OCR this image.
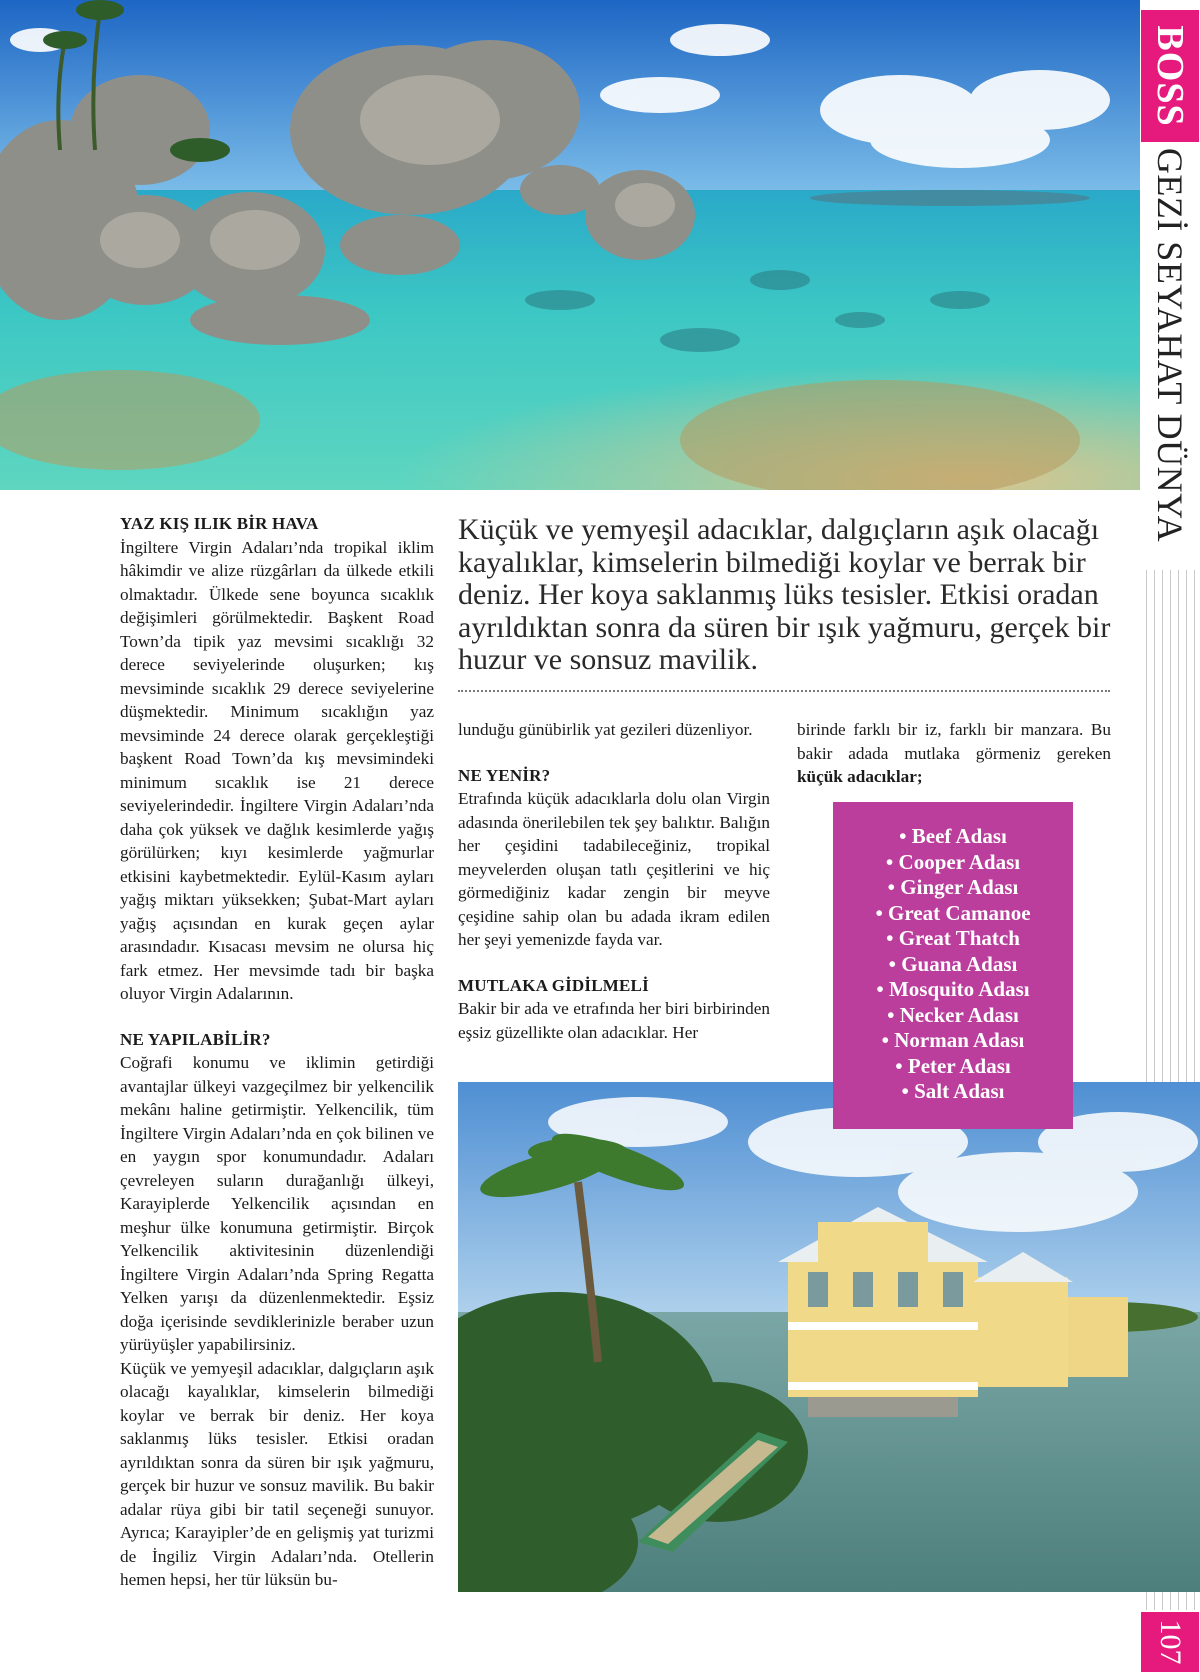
BOSS
GEZİ SEYAHAT DÜNYA
107
YAZ KIŞ ILIK BİR HAVA

İngiltere Virgin Adaları’nda tropikal iklim hâkimdir ve alize rüzgârları da ülkede etkili olmaktadır. Ülkede sene boyunca sıcaklık değişimleri görülmektedir. Başkent Road Town’da tipik yaz mevsimi sıcaklığı 32 derece seviyelerinde oluşurken; kış mevsiminde sıcaklık 29 derece seviyelerine düşmektedir. Minimum sıcaklığın yaz mevsiminde 24 derece olarak gerçekleştiği başkent Road Town’da kış mevsimindeki minimum sıcaklık ise 21 derece seviyelerindedir. İngiltere Virgin Adaları’nda daha çok yüksek ve dağlık kesimlerde yağış görülürken; kıyı kesimlerde yağmurlar etkisini kaybetmektedir. Eylül-Kasım ayları yağış miktarı yüksekken; Şubat-Mart ayları yağış açısından en kurak geçen aylar arasındadır. Kısacası mevsim ne olursa hiç fark etmez. Her mevsimde tadı bir başka oluyor Virgin Adalarının.

NE YAPILABİLİR?

Coğrafi konumu ve iklimin getirdiği avantajlar ülkeyi vazgeçilmez bir yelkencilik mekânı haline getirmiştir. Yelkencilik, tüm İngiltere Virgin Adaları’nda en çok bilinen ve en yaygın spor konumundadır. Adaları çevreleyen suların durağanlığı ülkeyi, Karayiplerde Yelkencilik açısından en meşhur ülke konumuna getirmiştir. Birçok Yelkencilik aktivitesinin düzenlendiği İngiltere Virgin Adaları’nda Spring Regatta Yelken yarışı da düzenlenmektedir. Eşsiz doğa içerisinde sevdiklerinizle beraber uzun yürüyüşler yapabilirsiniz.

Küçük ve yemyeşil adacıklar, dalgıçların aşık olacağı kayalıklar, kimselerin bilmediği koylar ve berrak bir deniz. Her koya saklanmış lüks tesisler. Etkisi oradan ayrıldıktan sonra da süren bir ışık yağmuru, gerçek bir huzur ve sonsuz mavilik. Bu bakir adalar rüya gibi bir tatil seçeneği sunuyor. Ayrıca; Karayipler’de en gelişmiş yat turizmi de İngiliz Virgin Adaları’nda. Otellerin hemen hepsi, her tür lüksün bu-

Küçük ve yemyeşil adacıklar, dalgıçların aşık olacağı kayalıklar, kimselerin bilmediği koylar ve berrak bir deniz. Her koya saklanmış lüks tesisler. Etkisi oradan ayrıldıktan sonra da süren bir ışık yağmuru, gerçek bir huzur ve sonsuz mavilik.

lunduğu günübirlik yat gezileri düzenliyor.

NE YENİR?

Etrafında küçük adacıklarla dolu olan Virgin adasında önerilebilen tek şey balıktır. Balığın her çeşidini tadabileceğiniz, tropikal meyvelerden oluşan tatlı çeşitlerini ve hiç görmediğiniz kadar zengin bir meyve çeşidine sahip olan bu adada ikram edilen her şeyi yemenizde fayda var.

MUTLAKA GİDİLMELİ

Bakir bir ada ve etrafında her biri birbirinden eşsiz güzellikte olan adacıklar. Her

birinde farklı bir iz, farklı bir manzara. Bu bakir adada mutlaka görmeniz gereken küçük adacıklar;

• Beef Adası
• Cooper Adası
• Ginger Adası
• Great Camanoe
• Great Thatch
• Guana Adası
• Mosquito Adası
• Necker Adası
• Norman Adası
• Peter Adası
• Salt Adası
